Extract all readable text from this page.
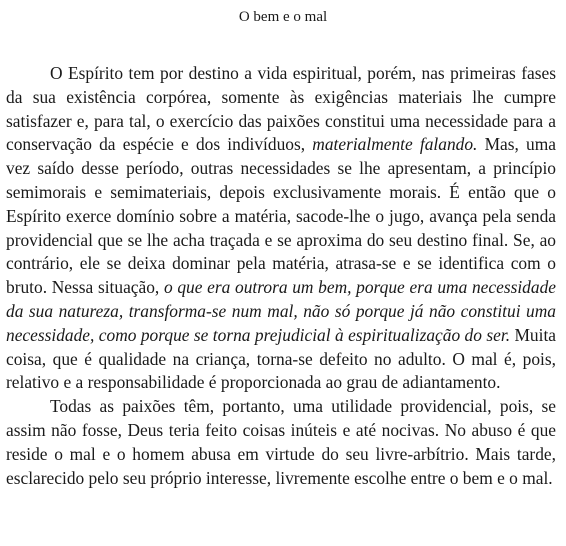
O bem e o mal

O Espírito tem por destino a vida espiritual, porém, nas primeiras fases da sua existência corpórea, somente às exigências materiais lhe cumpre satisfazer e, para tal, o exercício das paixões constitui uma necessidade para a conservação da espécie e dos indivíduos, materialmente falando. Mas, uma vez saído desse período, outras necessidades se lhe apresentam, a princípio semimorais e semimateriais, depois exclusivamente morais. É então que o Espírito exerce domínio sobre a matéria, sacode-lhe o jugo, avança pela senda providencial que se lhe acha traçada e se aproxima do seu destino final. Se, ao contrário, ele se deixa dominar pela matéria, atrasa-se e se identifica com o bruto. Nessa situação, o que era outrora um bem, porque era uma necessidade da sua natureza, transforma-se num mal, não só porque já não constitui uma necessidade, como porque se torna prejudicial à espiritualização do ser. Muita coisa, que é qualidade na criança, torna-se defeito no adulto. O mal é, pois, relativo e a responsabilidade é proporcionada ao grau de adiantamento.

Todas as paixões têm, portanto, uma utilidade providencial, pois, se assim não fosse, Deus teria feito coisas inúteis e até nocivas. No abuso é que reside o mal e o homem abusa em virtude do seu livre-arbítrio. Mais tarde, esclarecido pelo seu próprio interesse, livremente escolhe entre o bem e o mal.
